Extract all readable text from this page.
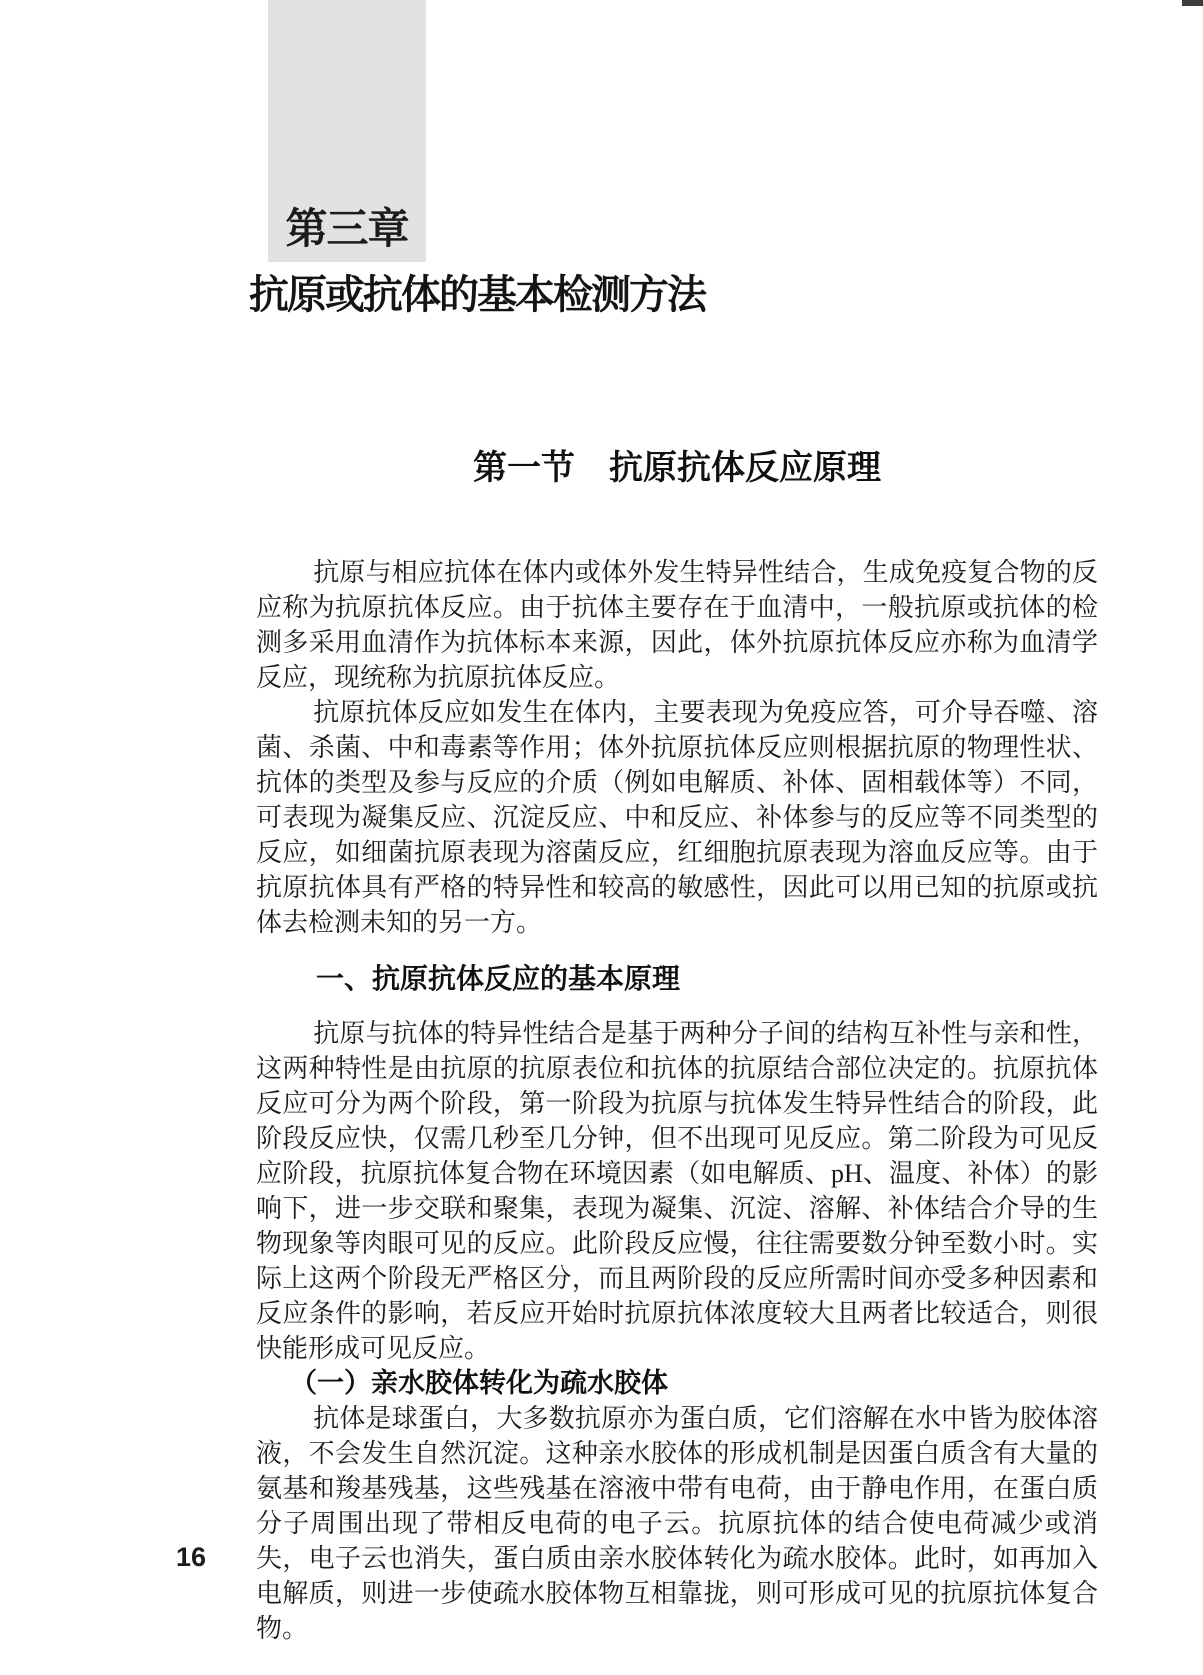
第三章
抗原或抗体的基本检测方法
第一节　抗原抗体反应原理

抗原与相应抗体在体内或体外发生特异性结合，生成免疫复合物的反应称为抗原抗体反应。由于抗体主要存在于血清中，一般抗原或抗体的检测多采用血清作为抗体标本来源，因此，体外抗原抗体反应亦称为血清学反应，现统称为抗原抗体反应。

抗原抗体反应如发生在体内，主要表现为免疫应答，可介导吞噬、溶菌、杀菌、中和毒素等作用；体外抗原抗体反应则根据抗原的物理性状、抗体的类型及参与反应的介质（例如电解质、补体、固相载体等）不同，可表现为凝集反应、沉淀反应、中和反应、补体参与的反应等不同类型的反应，如细菌抗原表现为溶菌反应，红细胞抗原表现为溶血反应等。由于抗原抗体具有严格的特异性和较高的敏感性，因此可以用已知的抗原或抗体去检测未知的另一方。

一、抗原抗体反应的基本原理

抗原与抗体的特异性结合是基于两种分子间的结构互补性与亲和性，这两种特性是由抗原的抗原表位和抗体的抗原结合部位决定的。抗原抗体反应可分为两个阶段，第一阶段为抗原与抗体发生特异性结合的阶段，此阶段反应快，仅需几秒至几分钟，但不出现可见反应。第二阶段为可见反应阶段，抗原抗体复合物在环境因素（如电解质、pH、温度、补体）的影响下，进一步交联和聚集，表现为凝集、沉淀、溶解、补体结合介导的生物现象等肉眼可见的反应。此阶段反应慢，往往需要数分钟至数小时。实际上这两个阶段无严格区分，而且两阶段的反应所需时间亦受多种因素和反应条件的影响，若反应开始时抗原抗体浓度较大且两者比较适合，则很快能形成可见反应。

（一）亲水胶体转化为疏水胶体

抗体是球蛋白，大多数抗原亦为蛋白质，它们溶解在水中皆为胶体溶液，不会发生自然沉淀。这种亲水胶体的形成机制是因蛋白质含有大量的氨基和羧基残基，这些残基在溶液中带有电荷，由于静电作用，在蛋白质分子周围出现了带相反电荷的电子云。抗原抗体的结合使电荷减少或消失，电子云也消失，蛋白质由亲水胶体转化为疏水胶体。此时，如再加入电解质，则进一步使疏水胶体物互相靠拢，则可形成可见的抗原抗体复合物。

16
